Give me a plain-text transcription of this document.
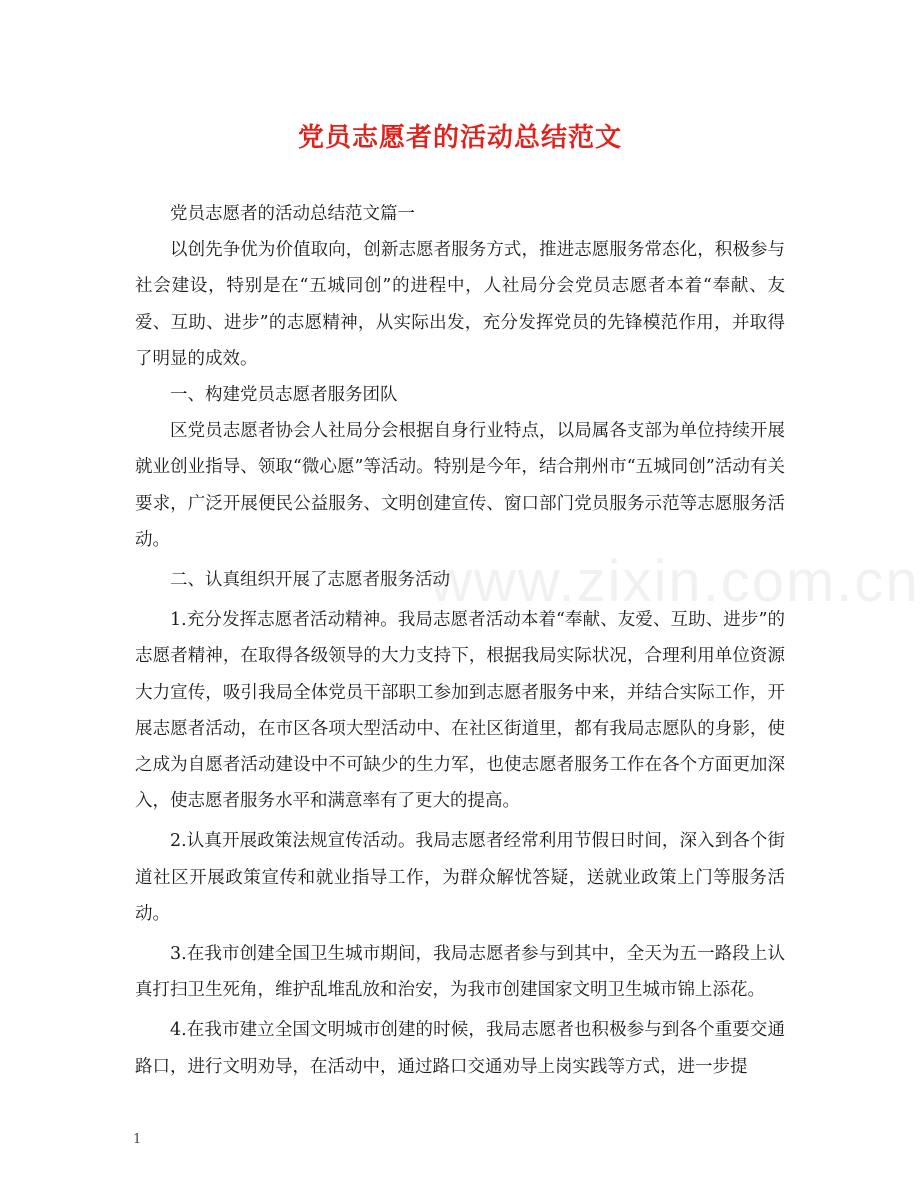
党员志愿者的活动总结范文
www.zixin.com.cn

党员志愿者的活动总结范文篇一

以创先争优为价值取向，创新志愿者服务方式，推进志愿服务常态化，积极参与社会建设，特别是在“五城同创”的进程中，人社局分会党员志愿者本着“奉献、友爱、互助、进步”的志愿精神，从实际出发，充分发挥党员的先锋模范作用，并取得了明显的成效。

一、构建党员志愿者服务团队

区党员志愿者协会人社局分会根据自身行业特点，以局属各支部为单位持续开展就业创业指导、领取“微心愿”等活动。特别是今年，结合荆州市“五城同创”活动有关要求，广泛开展便民公益服务、文明创建宣传、窗口部门党员服务示范等志愿服务活动。

二、认真组织开展了志愿者服务活动

1.充分发挥志愿者活动精神。我局志愿者活动本着“奉献、友爱、互助、进步”的志愿者精神，在取得各级领导的大力支持下，根据我局实际状况，合理利用单位资源大力宣传，吸引我局全体党员干部职工参加到志愿者服务中来，并结合实际工作，开展志愿者活动，在市区各项大型活动中、在社区街道里，都有我局志愿队的身影，使之成为自愿者活动建设中不可缺少的生力军，也使志愿者服务工作在各个方面更加深入，使志愿者服务水平和满意率有了更大的提高。

2.认真开展政策法规宣传活动。我局志愿者经常利用节假日时间，深入到各个街道社区开展政策宣传和就业指导工作，为群众解忧答疑，送就业政策上门等服务活动。

3.在我市创建全国卫生城市期间，我局志愿者参与到其中，全天为五一路段上认真打扫卫生死角，维护乱堆乱放和治安，为我市创建国家文明卫生城市锦上添花。

4.在我市建立全国文明城市创建的时候，我局志愿者也积极参与到各个重要交通路口，进行文明劝导，在活动中，通过路口交通劝导上岗实践等方式，进一步提

1
